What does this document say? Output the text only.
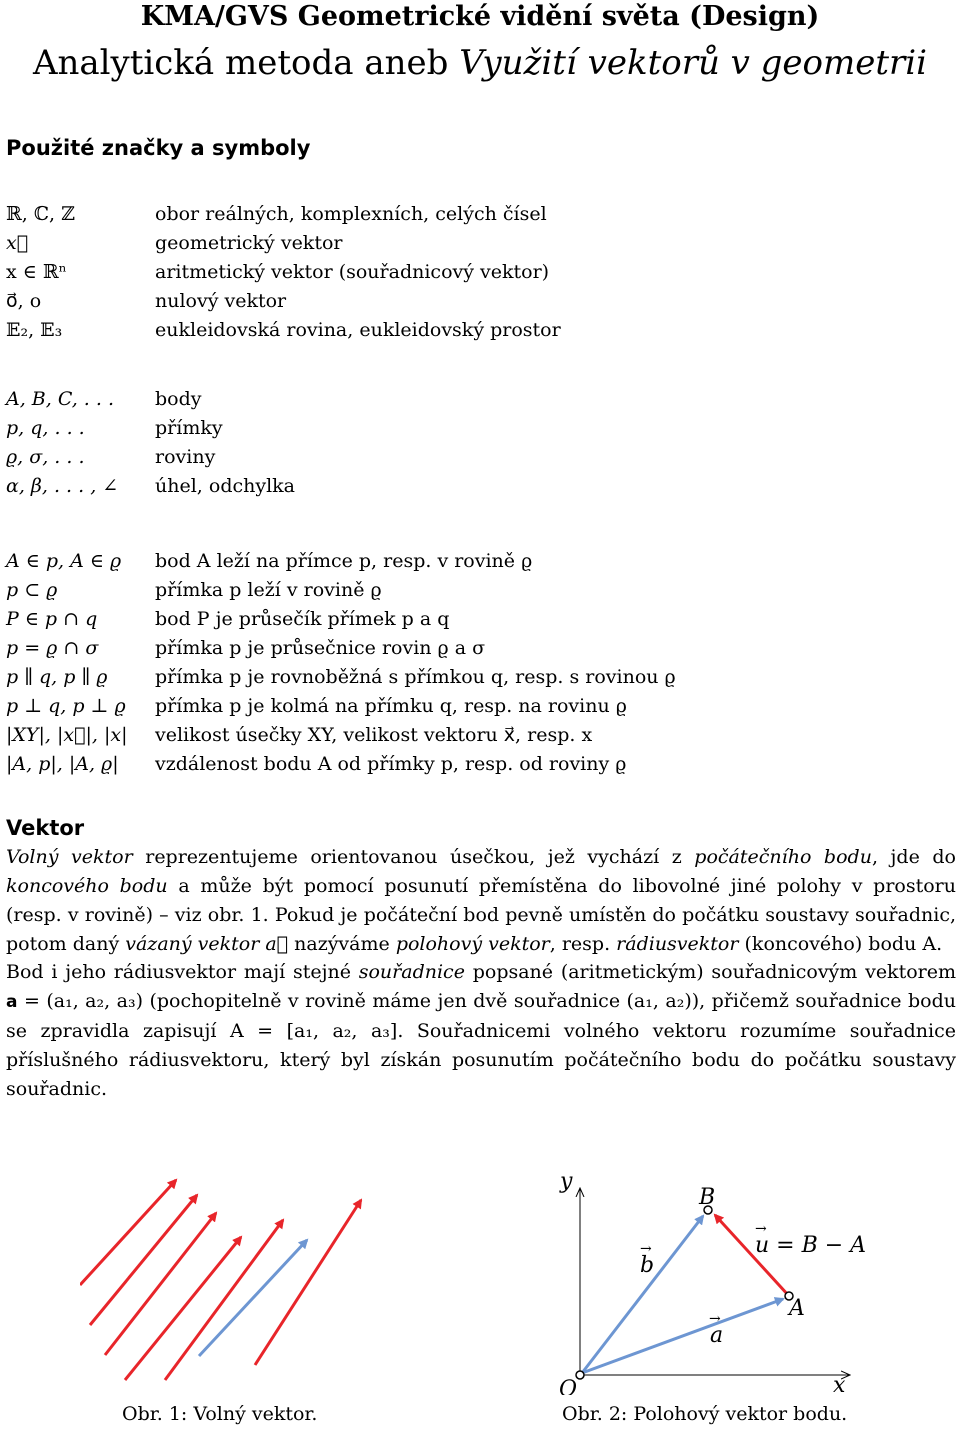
KMA/GVS Geometrické vidění světa (Design)
Analytická metoda aneb Využití vektorů v geometrii
Použité značky a symboly
ℝ, ℂ, ℤ	obor reálných, komplexních, celých čísel
x⃗	geometrický vektor
x ∈ ℝⁿ	aritmetický vektor (souřadnicový vektor)
o⃗, o	nulový vektor
𝔼₂, 𝔼₃	eukleidovská rovina, eukleidovský prostor
A, B, C, . . .	body
p, q, . . .	přímky
ϱ, σ, . . .	roviny
α, β, . . . , ∠	úhel, odchylka
A ∈ p, A ∈ ϱ	bod A leží na přímce p, resp. v rovině ϱ
p ⊂ ϱ	přímka p leží v rovině ϱ
P ∈ p ∩ q	bod P je průsečík přímek p a q
p = ϱ ∩ σ	přímka p je průsečnice rovin ϱ a σ
p ∥ q, p ∥ ϱ	přímka p je rovnoběžná s přímkou q, resp. s rovinou ϱ
p ⊥ q, p ⊥ ϱ	přímka p je kolmá na přímku q, resp. na rovinu ϱ
|XY|, |x⃗|, |x|	velikost úsečky XY, velikost vektoru x⃗, resp. x
|A, p|, |A, ϱ|	vzdálenost bodu A od přímky p, resp. od roviny ϱ
Vektor
Volný vektor reprezentujeme orientovanou úsečkou, jež vychází z počátečního bodu, jde do koncového bodu a může být pomocí posunutí přemístěna do libovolné jiné polohy v prostoru (resp. v rovině) – viz obr. 1. Pokud je počáteční bod pevně umístěn do počátku soustavy souřadnic, potom daný vázaný vektor a⃗ nazýváme polohový vektor, resp. rádiusvektor (koncového) bodu A.
Bod i jeho rádiusvektor mají stejné souřadnice popsané (aritmetickým) souřadnicovým vektorem a = (a₁, a₂, a₃) (pochopitelně v rovině máme jen dvě souřadnice (a₁, a₂)), přičemž souřadnice bodu se zpravidla zapisují A = [a₁, a₂, a₃]. Souřadnicemi volného vektoru rozumíme souřadnice příslušného rádiusvektoru, který byl získán posunutím počátečního bodu do počátku soustavy souřadnic.
Obr. 1: Volný vektor.
y
x
O
A
B
b
→
a
→
u = B − A
→
Obr. 2: Polohový vektor bodu.
